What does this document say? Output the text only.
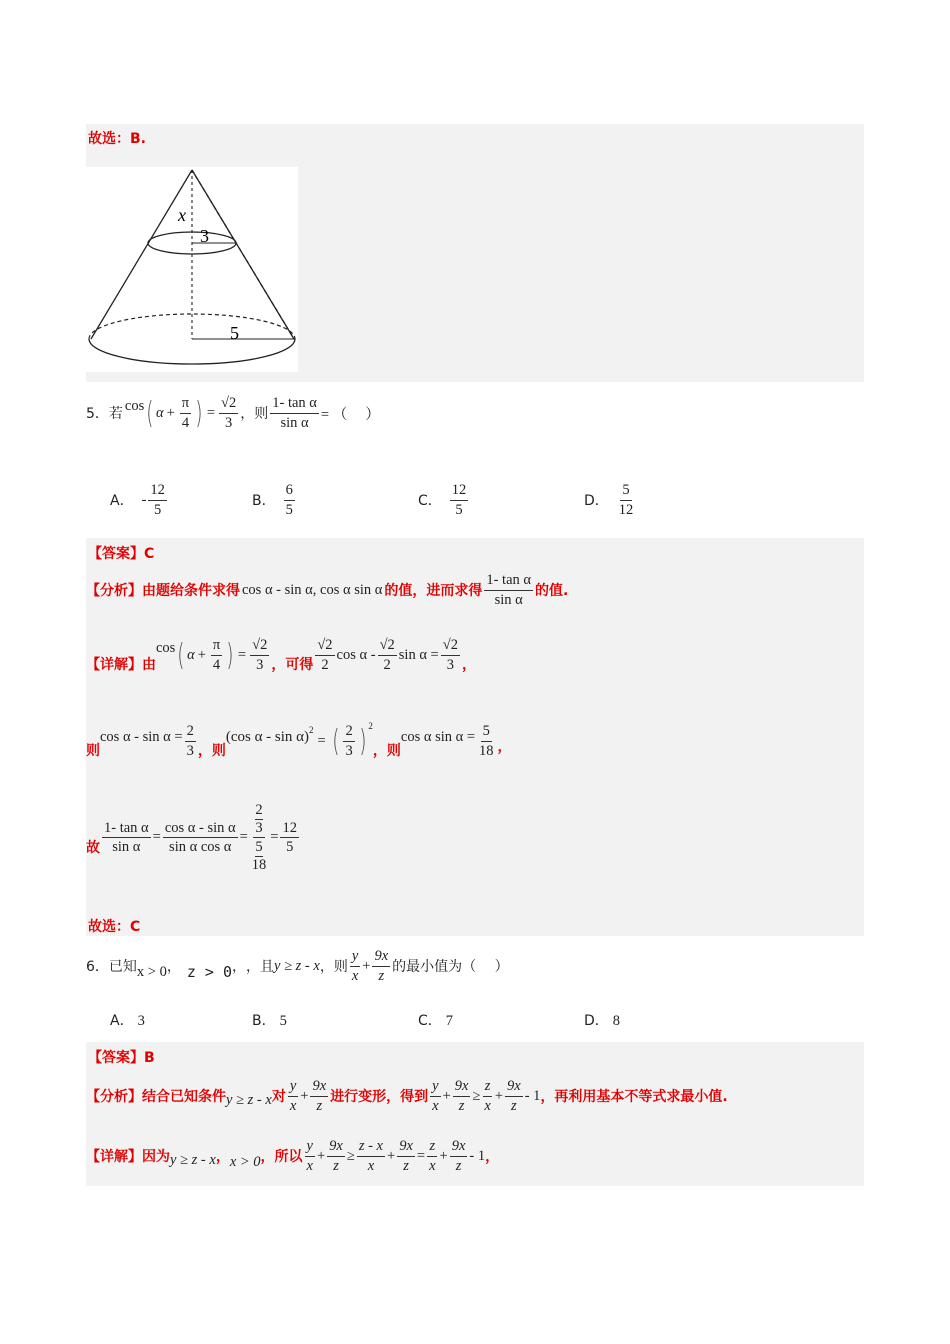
故选：B.
x
3
5
5．若
cos ( $\alpha + \frac{\pi}{4}$ ) = $\frac{√2}{3}$ ，则 $\frac{\text{1- tan α}}{\text{sin α}}$ = （　 ）
A． - $\frac{12}{5}$	B． $\frac{6}{5}$	C． $\frac{12}{5}$	D． $\frac{5}{12}$
【答案】C
【分析】由题给条件求得 cos α - sin α, cos α sin α 的值，进而求得 $\frac{\text{1- tan α}}{\text{sin α}}$ 的值.
【详解】由
cos ( $\alpha + \frac{\pi}{4}$ ) = $\frac{√2}{3}$ ，可得 $\frac{√2}{2}$ cos α - $\frac{√2}{2}$ $\sin \alpha = \frac{√2}{3}$ ，
则
$\cos \alpha - \sin \alpha = \frac{2}{3}$ ，则
(cos α - sin α) 2
= ( $\frac{2}{3}$ ) 2
，则
cos α $\sin \alpha = \frac{5}{18}$ ，
故 $\frac{\text{1- tan α}}{\text{sin α}} = \frac{\text{cos α - sin α}}{\text{sin α cos α}} = 2$
3
5
$18 = \frac{12}{5}$
故选：C
6．已知 x > 0 ， z > 0 ， ，且 y ≥ z - x ，则 $\frac{y}{x} + \frac{9x}{z}$ 的最小值为（　 ）
A． 3	B． 5	C． 7	D． 8
【答案】B
【分析】结合已知条件 y ≥ z - x 对 $\frac{y}{x} + \frac{9x}{z}$ 进行变形，得到 $\frac{y}{x} + \frac{9x}{z} \ge \frac{z}{x} + \frac{9x}{z} - 1$ ，再利用基本不等式求最小值.
【详解】因为 y ≥ z - x ， x > 0 ，所以 $\frac{y}{x} + \frac{9x}{z} \ge \frac{z - x}{x} + \frac{9x}{z} = \frac{z}{x} + \frac{9x}{z} - 1$ ，
